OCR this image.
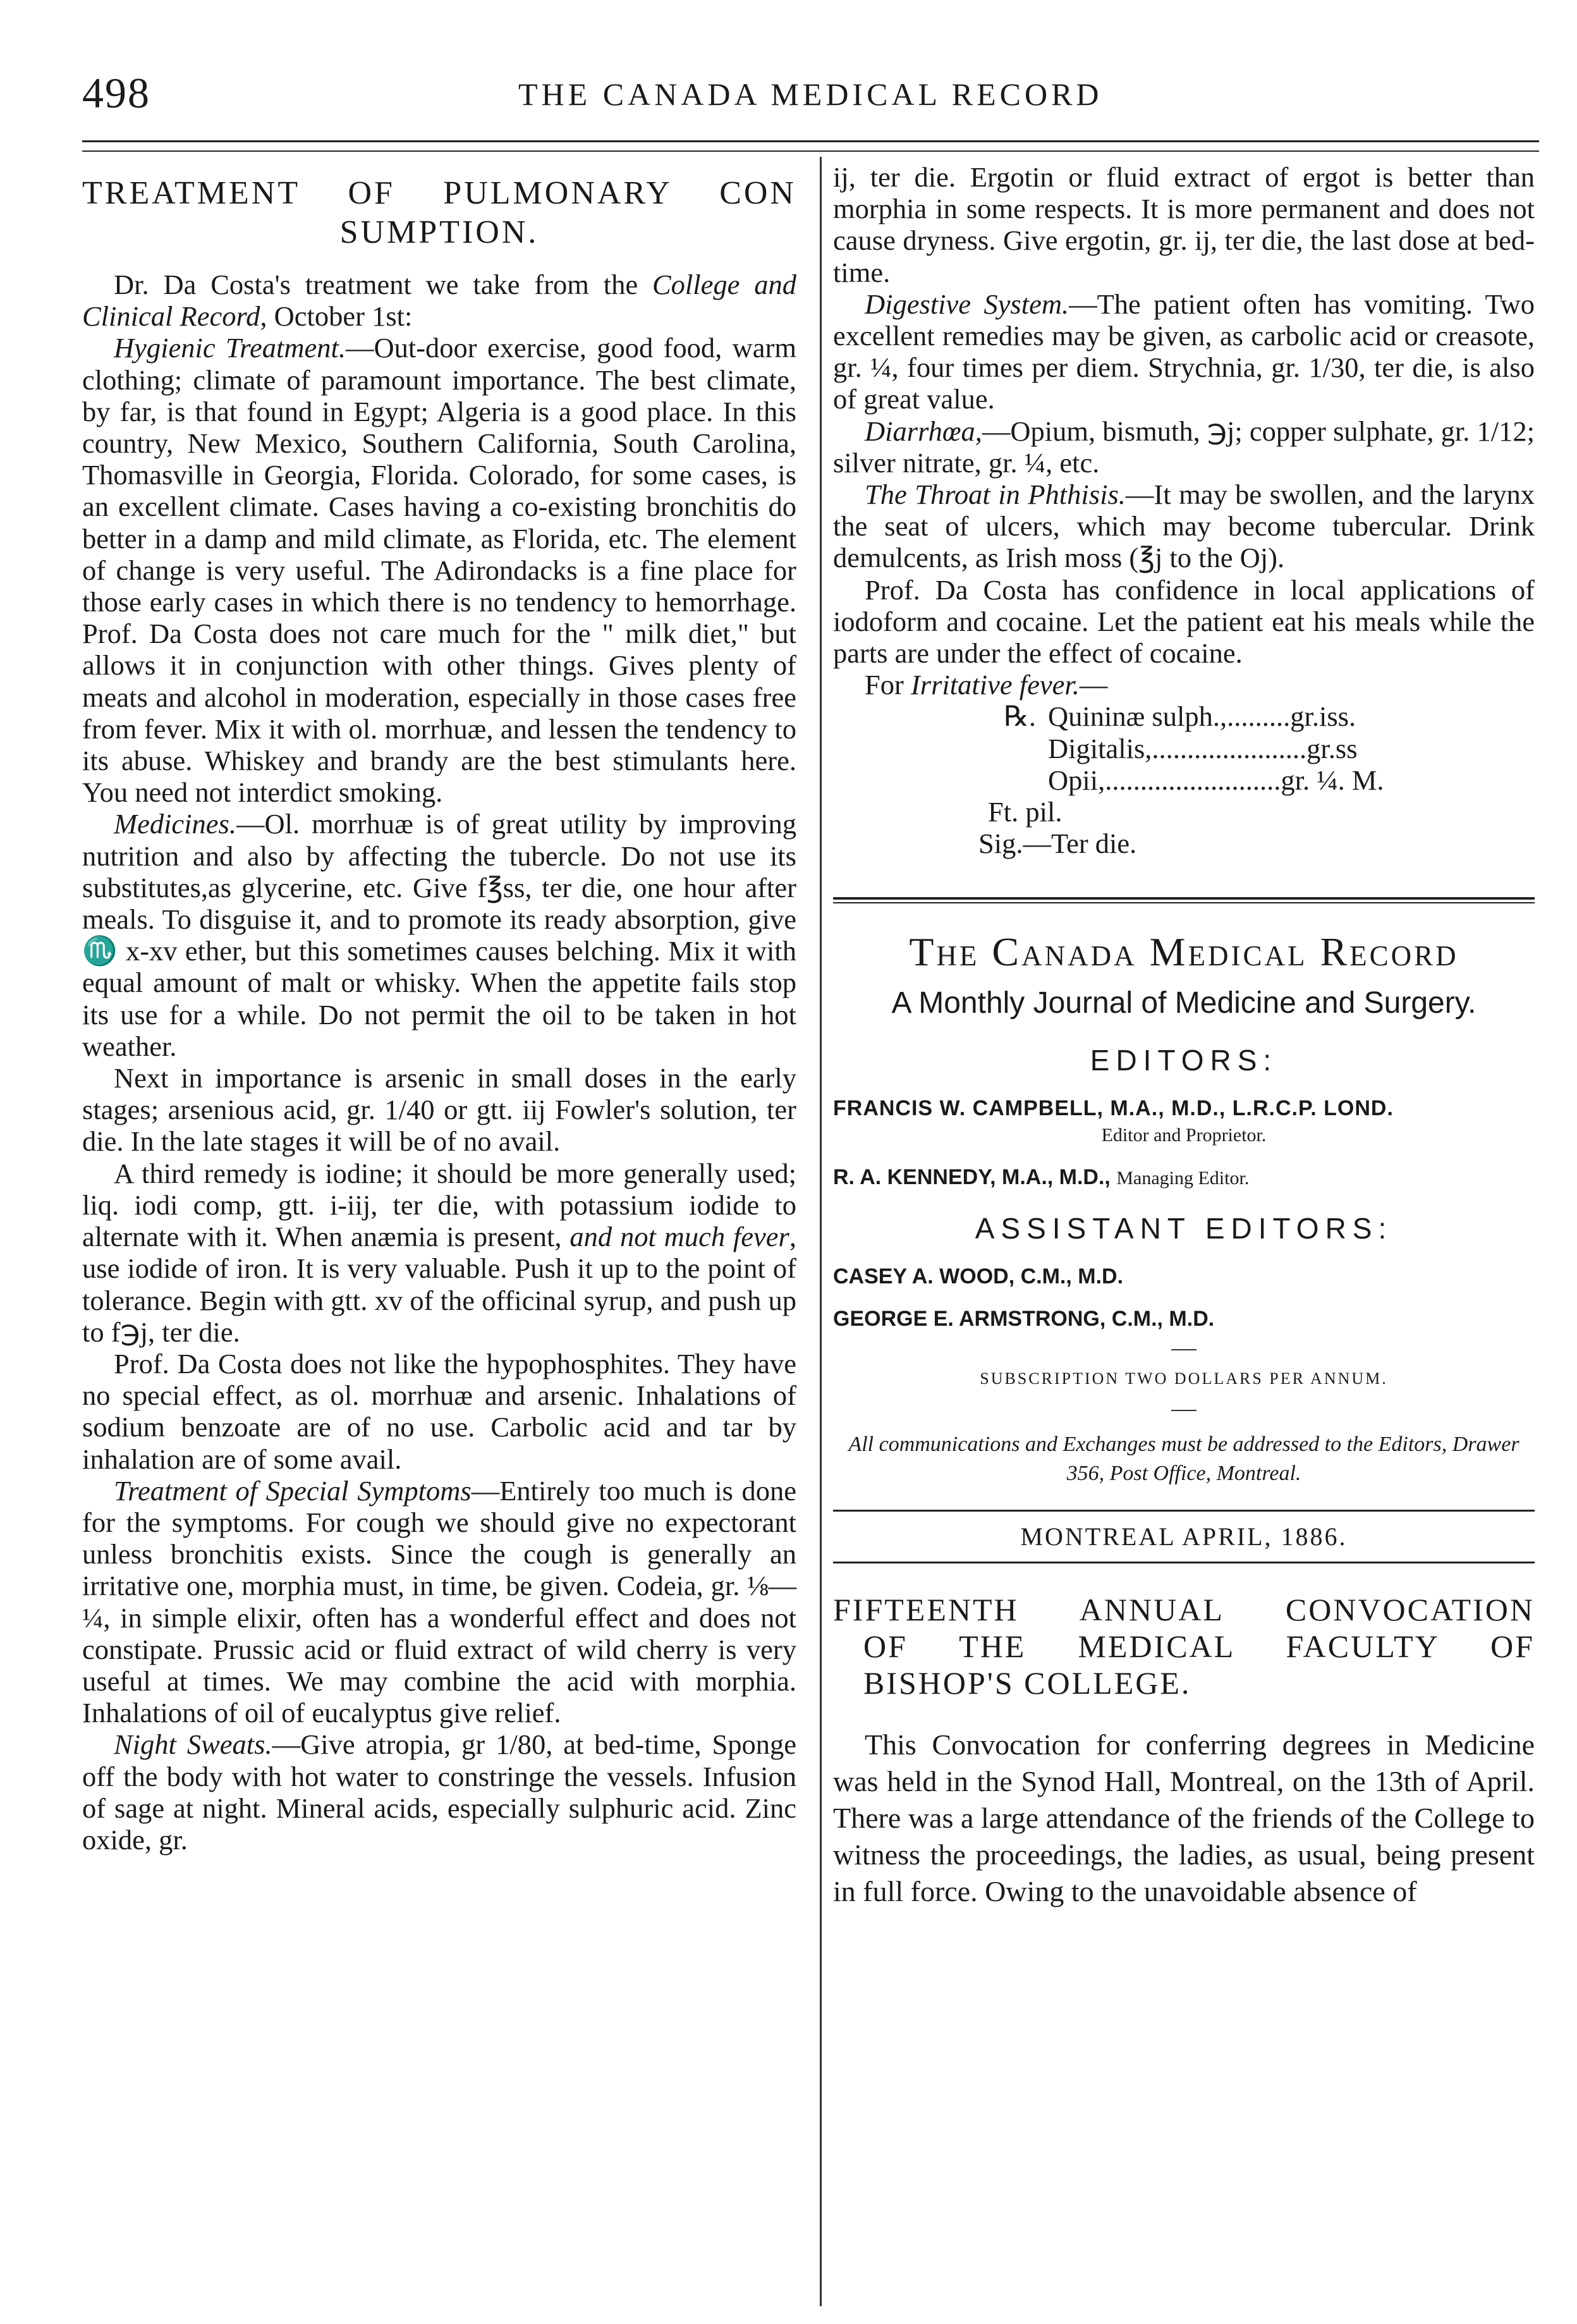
498	THE CANADA MEDICAL RECORD
TREATMENT OF PULMONARY CON
SUMPTION.

Dr. Da Costa's treatment we take from the College and Clinical Record, October 1st:

Hygienic Treatment.—Out-door exercise, good food, warm clothing; climate of paramount importance. The best climate, by far, is that found in Egypt; Algeria is a good place. In this country, New Mexico, Southern California, South Carolina, Thomasville in Georgia, Florida. Colorado, for some cases, is an excellent climate. Cases having a co-existing bronchitis do better in a damp and mild climate, as Florida, etc. The element of change is very useful. The Adirondacks is a fine place for those early cases in which there is no tendency to hemorrhage. Prof. Da Costa does not care much for the " milk diet," but allows it in conjunction with other things. Gives plenty of meats and alcohol in moderation, especially in those cases free from fever. Mix it with ol. morrhuæ, and lessen the tendency to its abuse. Whiskey and brandy are the best stimulants here. You need not interdict smoking.

Medicines.—Ol. morrhuæ is of great utility by improving nutrition and also by affecting the tubercle. Do not use its substitutes,as glycerine, etc. Give f℥ss, ter die, one hour after meals. To disguise it, and to promote its ready absorption, give ♏ x-xv ether, but this sometimes causes belching. Mix it with equal amount of malt or whisky. When the appetite fails stop its use for a while. Do not permit the oil to be taken in hot weather.

Next in importance is arsenic in small doses in the early stages; arsenious acid, gr. 1/40 or gtt. iij Fowler's solution, ter die. In the late stages it will be of no avail.

A third remedy is iodine; it should be more generally used; liq. iodi comp, gtt. i-iij, ter die, with potassium iodide to alternate with it. When anæmia is present, and not much fever, use iodide of iron. It is very valuable. Push it up to the point of tolerance. Begin with gtt. xv of the officinal syrup, and push up to f℈j, ter die.

Prof. Da Costa does not like the hypophosphites. They have no special effect, as ol. morrhuæ and arsenic. Inhalations of sodium benzoate are of no use. Carbolic acid and tar by inhalation are of some avail.

Treatment of Special Symptoms—Entirely too much is done for the symptoms. For cough we should give no expectorant unless bronchitis exists. Since the cough is generally an irritative one, morphia must, in time, be given. Codeia, gr. ⅛—¼, in simple elixir, often has a wonderful effect and does not constipate. Prussic acid or fluid extract of wild cherry is very useful at times. We may combine the acid with morphia. Inhalations of oil of eucalyptus give relief.

Night Sweats.—Give atropia, gr 1/80, at bed-time, Sponge off the body with hot water to constringe the vessels. Infusion of sage at night. Mineral acids, especially sulphuric acid. Zinc oxide, gr.

ij, ter die. Ergotin or fluid extract of ergot is better than morphia in some respects. It is more permanent and does not cause dryness. Give ergotin, gr. ij, ter die, the last dose at bed-time.

Digestive System.—The patient often has vomiting. Two excellent remedies may be given, as carbolic acid or creasote, gr. ¼, four times per diem. Strychnia, gr. 1/30, ter die, is also of great value.

Diarrhœa,—Opium, bismuth, ℈j; copper sulphate, gr. 1/12; silver nitrate, gr. ¼, etc.

The Throat in Phthisis.—It may be swollen, and the larynx the seat of ulcers, which may become tubercular. Drink demulcents, as Irish moss (℥j to the Oj).

Prof. Da Costa has confidence in local applications of iodoform and cocaine. Let the patient eat his meals while the parts are under the effect of cocaine.

For Irritative fever.—

℞. Quininæ sulph.,.........gr.iss.
Digitalis,......................gr.ss
Opii,.........................gr. ¼. M.
Ft. pil.
Sig.—Ter die.
The Canada Medical Record
A Monthly Journal of Medicine and Surgery.
EDITORS:
FRANCIS W. CAMPBELL, M.A., M.D., L.R.C.P. LOND.
Editor and Proprietor.
R. A. KENNEDY, M.A., M.D., Managing Editor.
ASSISTANT EDITORS:
CASEY A. WOOD, C.M., M.D.
GEORGE E. ARMSTRONG, C.M., M.D.
SUBSCRIPTION TWO DOLLARS PER ANNUM.
All communications and Exchanges must be addressed to the Editors, Drawer 356, Post Office, Montreal.
MONTREAL APRIL, 1886.
FIFTEENTH ANNUAL CONVOCATION
OF THE MEDICAL FACULTY OF
BISHOP'S COLLEGE.

This Convocation for conferring degrees in Medicine was held in the Synod Hall, Montreal, on the 13th of April. There was a large attendance of the friends of the College to witness the proceedings, the ladies, as usual, being present in full force. Owing to the unavoidable absence of
